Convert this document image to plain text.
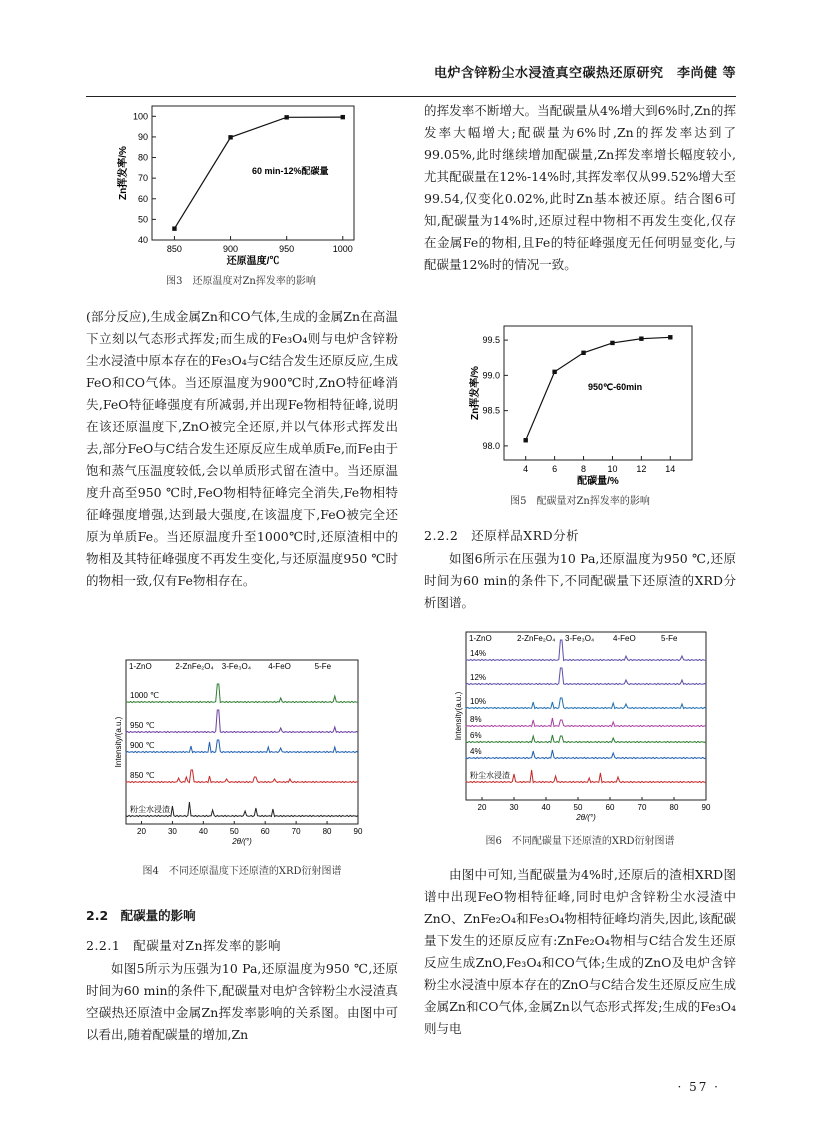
电炉含锌粉尘水浸渣真空碳热还原研究　李尚健 等
40
50
60
70
80
90
100
850	900	950	1000
还原温度/℃
Zn挥发率/%	60 min-12%配碳量
图3　还原温度对Zn挥发率的影响

(部分反应),生成金属Zn和CO气体,生成的金属Zn在高温下立刻以气态形式挥发;而生成的Fe₃O₄则与电炉含锌粉尘水浸渣中原本存在的Fe₃O₄与C结合发生还原反应,生成FeO和CO气体。当还原温度为900℃时,ZnO特征峰消失,FeO特征峰强度有所减弱,并出现Fe物相特征峰,说明在该还原温度下,ZnO被完全还原,并以气体形式挥发出去,部分FeO与C结合发生还原反应生成单质Fe,而Fe由于饱和蒸气压温度较低,会以单质形式留在渣中。当还原温度升高至950 ℃时,FeO物相特征峰完全消失,Fe物相特征峰强度增强,达到最大强度,在该温度下,FeO被完全还原为单质Fe。当还原温度升至1000℃时,还原渣相中的物相及其特征峰强度不再发生变化,与还原温度950 ℃时的物相一致,仅有Fe物相存在。

20	30	40	50	60	70	80	90
1-ZnO	2-ZnFe₂O₄ 3-Fe₃O₄ 4-FeO	5-Fe
2θ/(°)
Intensity/(a.u.)
1000 ℃
950 ℃
900 ℃
850 ℃
粉尘水浸渣
图4　不同还原温度下还原渣的XRD衍射图谱
2.2　配碳量的影响
2.2.1　配碳量对Zn挥发率的影响

如图5所示为压强为10 Pa,还原温度为950 ℃,还原时间为60 min的条件下,配碳量对电炉含锌粉尘水浸渣真空碳热还原渣中金属Zn挥发率影响的关系图。由图中可以看出,随着配碳量的增加,Zn

的挥发率不断增大。当配碳量从4%增大到6%时,Zn的挥发率大幅增大;配碳量为6%时,Zn的挥发率达到了99.05%,此时继续增加配碳量,Zn挥发率增长幅度较小,尤其配碳量在12%-14%时,其挥发率仅从99.52%增大至99.54,仅变化0.02%,此时Zn基本被还原。结合图6可知,配碳量为14%时,还原过程中物相不再发生变化,仅存在金属Fe的物相,且Fe的特征峰强度无任何明显变化,与配碳量12%时的情况一致。

98.0
98.5
99.0
99.5
4	6	8 10 12 14
配碳量/%
Zn挥发率/%	950℃-60min
图5　配碳量对Zn挥发率的影响
2.2.2　还原样品XRD分析

如图6所示在压强为10 Pa,还原温度为950 ℃,还原时间为60 min的条件下,不同配碳量下还原渣的XRD分析图谱。

20	30	40	50	60	70	80	90
1-ZnO	2-ZnFe₂O₄ 3-Fe₃O₄ 4-FeO	5-Fe
2θ/(°)
Intensity(a.u.)
14%
12%
10%
8%
6%
4%
粉尘水浸渣
图6　不同配碳量下还原渣的XRD衍射图谱

由图中可知,当配碳量为4%时,还原后的渣相XRD图谱中出现FeO物相特征峰,同时电炉含锌粉尘水浸渣中ZnO、ZnFe₂O₄和Fe₃O₄物相特征峰均消失,因此,该配碳量下发生的还原反应有:ZnFe₂O₄物相与C结合发生还原反应生成ZnO,Fe₃O₄和CO气体;生成的ZnO及电炉含锌粉尘水浸渣中原本存在的ZnO与C结合发生还原反应生成金属Zn和CO气体,金属Zn以气态形式挥发;生成的Fe₃O₄则与电

· 57 ·
